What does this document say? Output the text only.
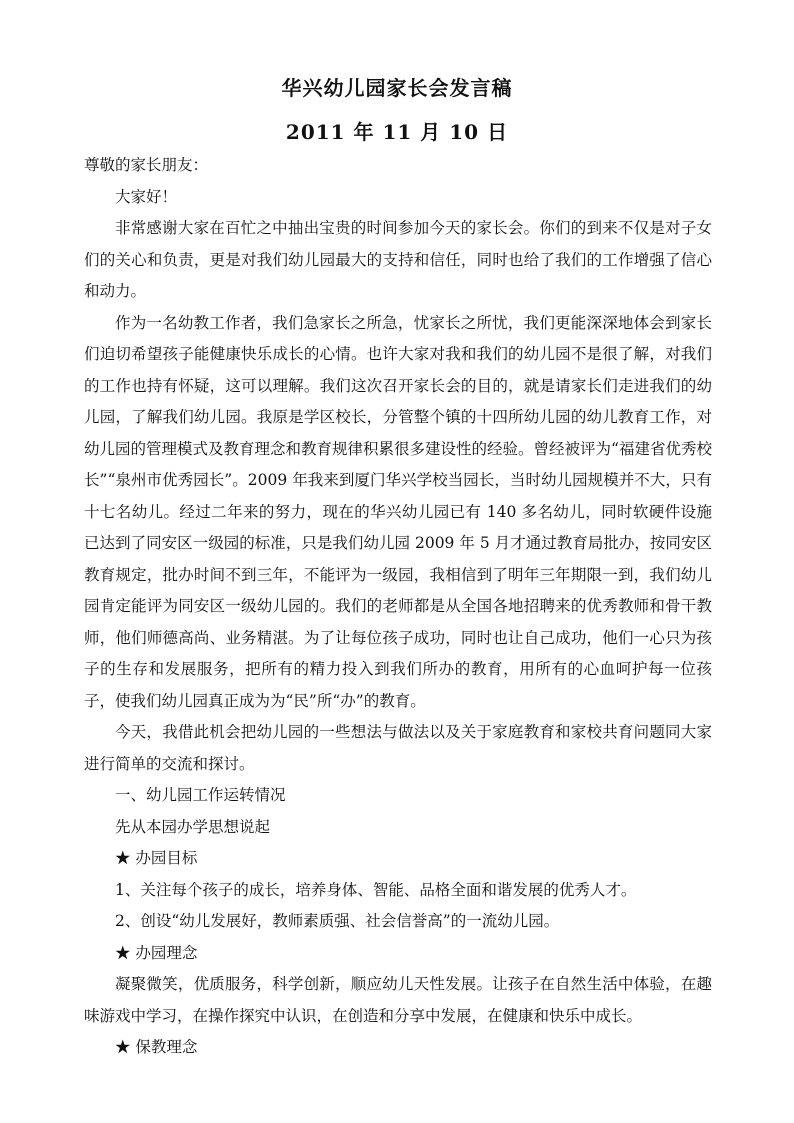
华兴幼儿园家长会发言稿
2011 年 11 月 10 日

尊敬的家长朋友：

大家好！

非常感谢大家在百忙之中抽出宝贵的时间参加今天的家长会。你们的到来不仅是对子女们的关心和负责，更是对我们幼儿园最大的支持和信任，同时也给了我们的工作增强了信心和动力。

作为一名幼教工作者，我们急家长之所急，忧家长之所忧，我们更能深深地体会到家长们迫切希望孩子能健康快乐成长的心情。也许大家对我和我们的幼儿园不是很了解，对我们的工作也持有怀疑，这可以理解。我们这次召开家长会的目的，就是请家长们走进我们的幼儿园，了解我们幼儿园。我原是学区校长，分管整个镇的十四所幼儿园的幼儿教育工作，对幼儿园的管理模式及教育理念和教育规律积累很多建设性的经验。曾经被评为“福建省优秀校长”“泉州市优秀园长”。2009 年我来到厦门华兴学校当园长，当时幼儿园规模并不大，只有十七名幼儿。经过二年来的努力，现在的华兴幼儿园已有 140 多名幼儿，同时软硬件设施已达到了同安区一级园的标准，只是我们幼儿园 2009 年 5 月才通过教育局批办，按同安区教育规定，批办时间不到三年，不能评为一级园，我相信到了明年三年期限一到，我们幼儿园肯定能评为同安区一级幼儿园的。我们的老师都是从全国各地招聘来的优秀教师和骨干教师，他们师德高尚、业务精湛。为了让每位孩子成功，同时也让自己成功，他们一心只为孩子的生存和发展服务，把所有的精力投入到我们所办的教育，用所有的心血呵护每一位孩子，使我们幼儿园真正成为为“民”所“办”的教育。

今天，我借此机会把幼儿园的一些想法与做法以及关于家庭教育和家校共育问题同大家进行简单的交流和探讨。

一、幼儿园工作运转情况

先从本园办学思想说起

★ 办园目标

1、关注每个孩子的成长，培养身体、智能、品格全面和谐发展的优秀人才。

2、创设“幼儿发展好，教师素质强、社会信誉高”的一流幼儿园。

★ 办园理念

凝聚微笑，优质服务，科学创新，顺应幼儿天性发展。让孩子在自然生活中体验，在趣味游戏中学习，在操作探究中认识，在创造和分享中发展，在健康和快乐中成长。

★ 保教理念
